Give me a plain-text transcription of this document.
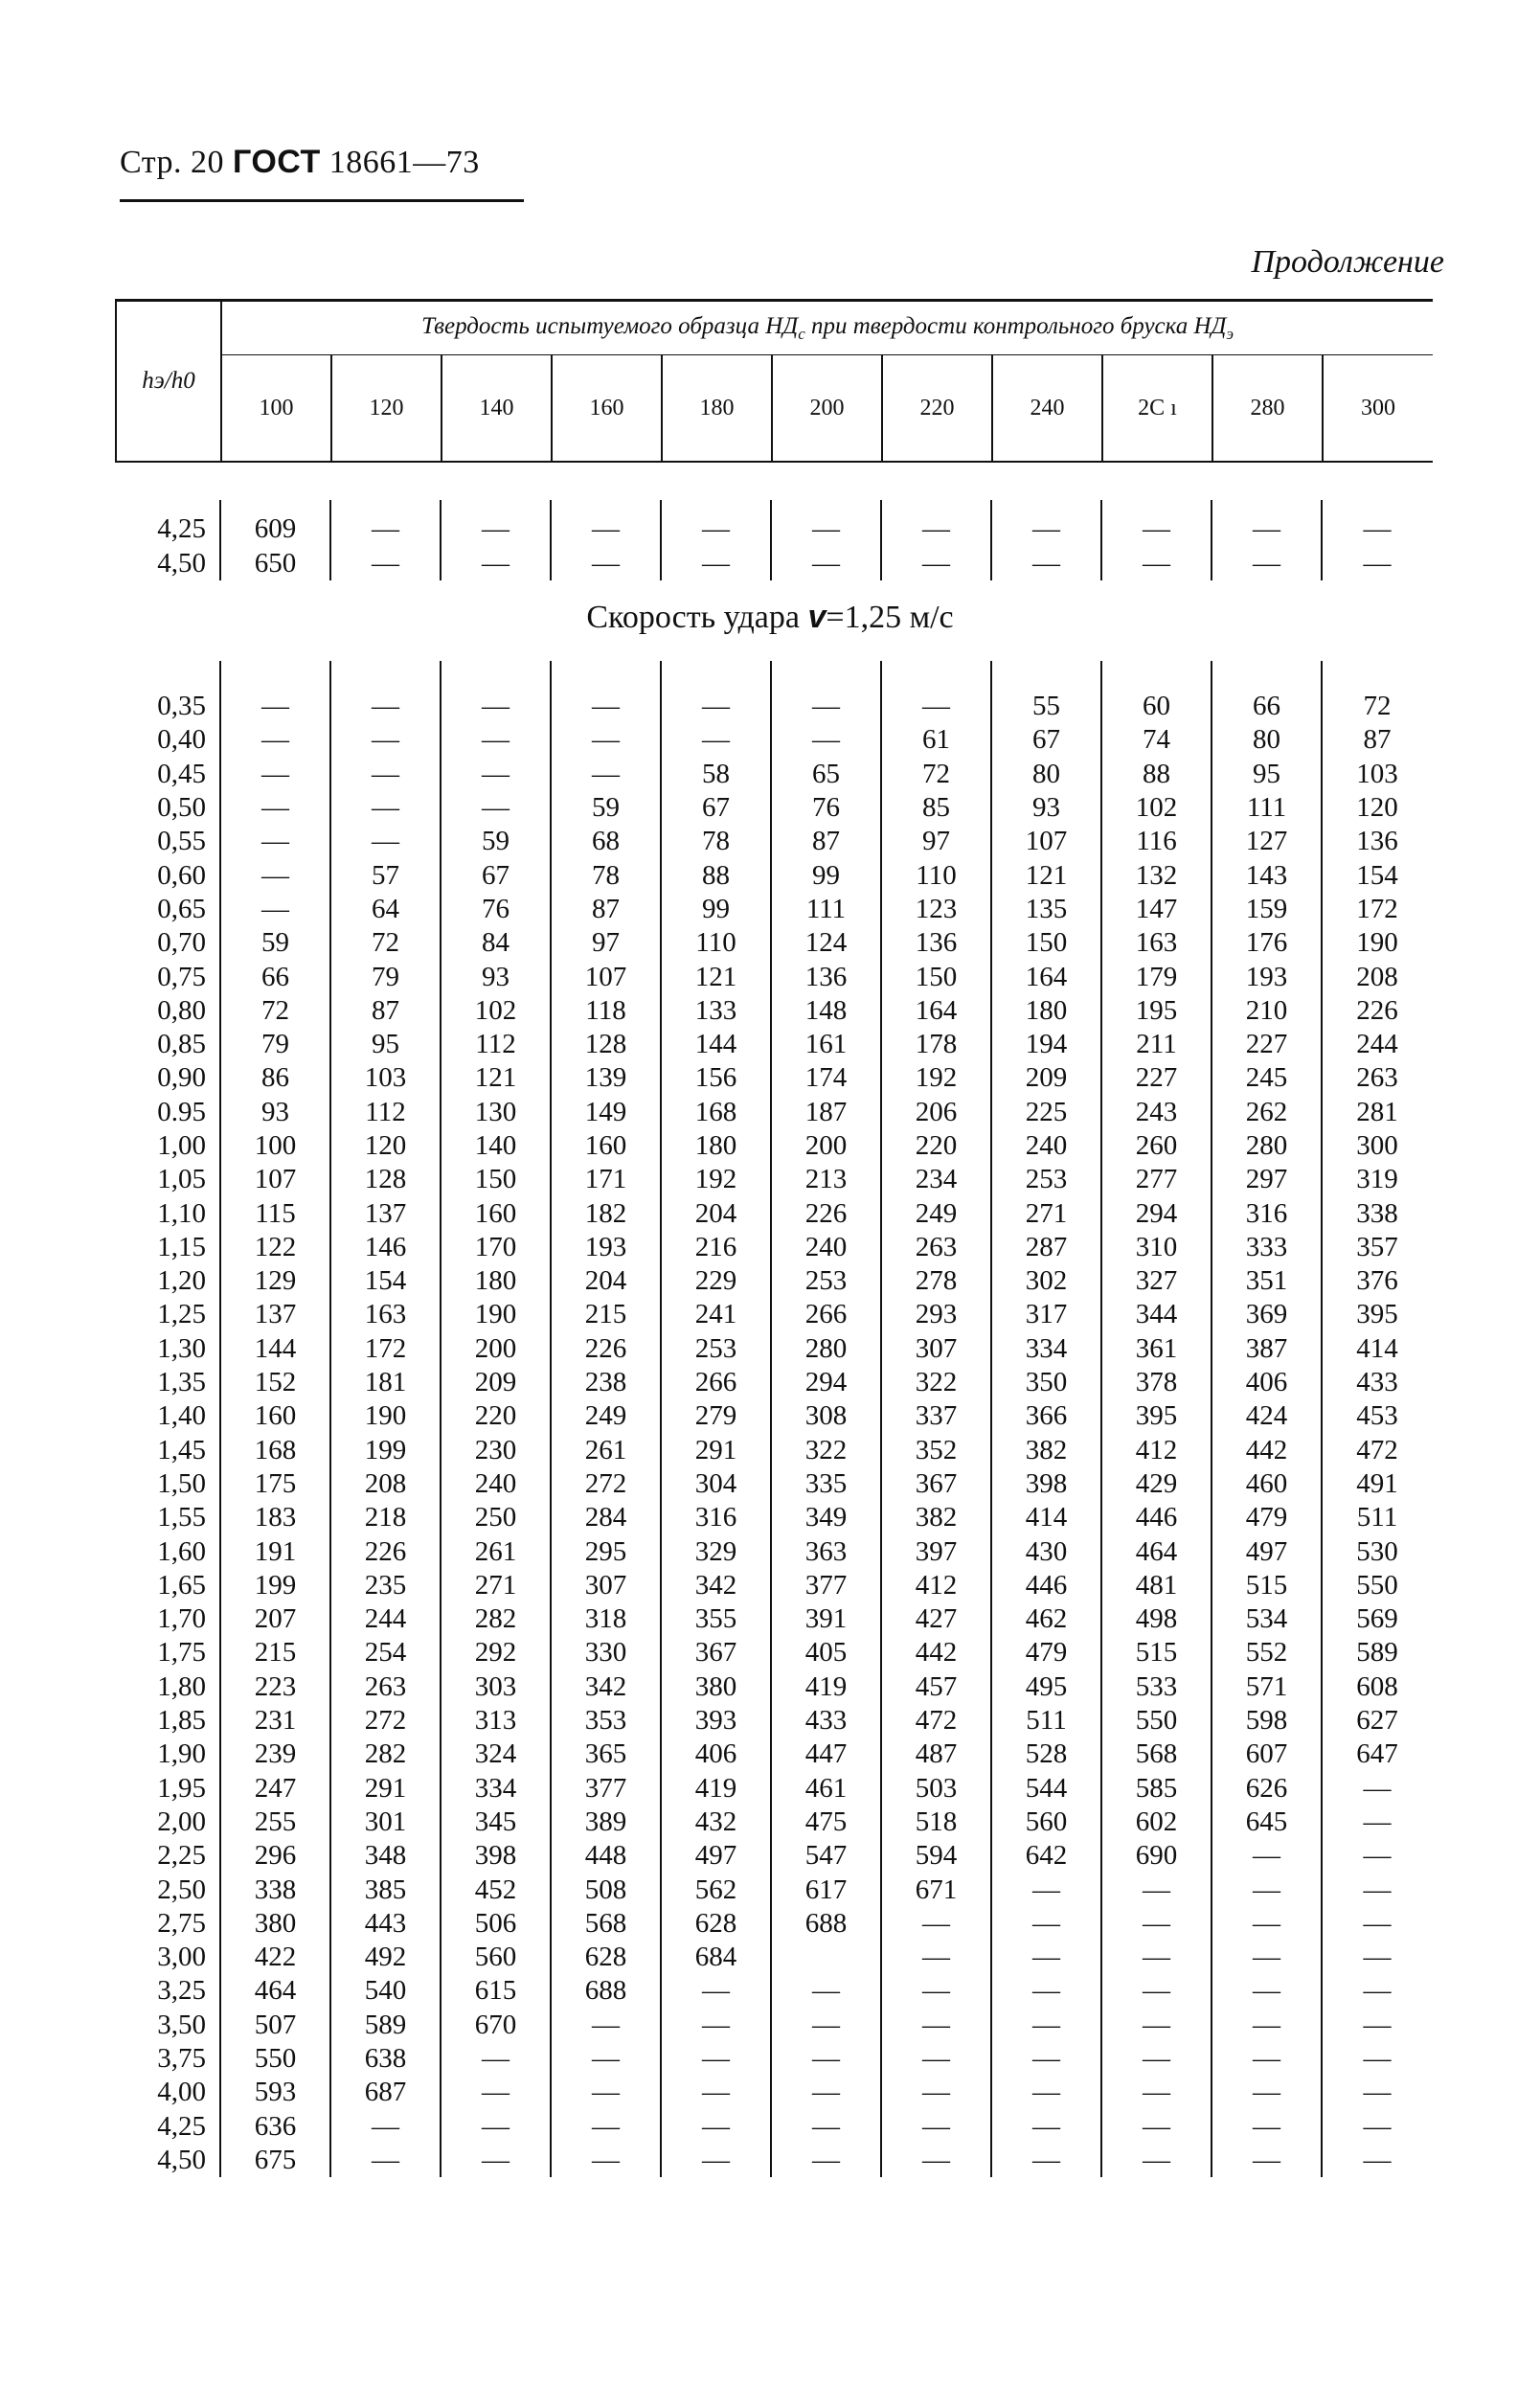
Стр. 20 ГОСТ 18661—73
Продолжение
hэ/h0	Твердость испытуемого образца $НД_с$ при твердости контрольного бруска $НД_э$
	100	120	140	160	180	200	220	240	2С ı	280	300
4,25	609	—	—	—	—	—	—	—	—	—	—
4,50	650	—	—	—	—	—	—	—	—	—	—
Скорость удара v=1,25 м/с
0,35	—	—	—	—	—	—	—	55	60	66	72
0,40	—	—	—	—	—	—	61	67	74	80	87
0,45	—	—	—	—	58	65	72	80	88	95	103
0,50	—	—	—	59	67	76	85	93	102	111	120
0,55	—	—	59	68	78	87	97	107	116	127	136
0,60	—	57	67	78	88	99	110	121	132	143	154
0,65	—	64	76	87	99	111	123	135	147	159	172
0,70	59	72	84	97	110	124	136	150	163	176	190
0,75	66	79	93	107	121	136	150	164	179	193	208
0,80	72	87	102	118	133	148	164	180	195	210	226
0,85	79	95	112	128	144	161	178	194	211	227	244
0,90	86	103	121	139	156	174	192	209	227	245	263
0.95	93	112	130	149	168	187	206	225	243	262	281
1,00	100	120	140	160	180	200	220	240	260	280	300
1,05	107	128	150	171	192	213	234	253	277	297	319
1,10	115	137	160	182	204	226	249	271	294	316	338
1,15	122	146	170	193	216	240	263	287	310	333	357
1,20	129	154	180	204	229	253	278	302	327	351	376
1,25	137	163	190	215	241	266	293	317	344	369	395
1,30	144	172	200	226	253	280	307	334	361	387	414
1,35	152	181	209	238	266	294	322	350	378	406	433
1,40	160	190	220	249	279	308	337	366	395	424	453
1,45	168	199	230	261	291	322	352	382	412	442	472
1,50	175	208	240	272	304	335	367	398	429	460	491
1,55	183	218	250	284	316	349	382	414	446	479	511
1,60	191	226	261	295	329	363	397	430	464	497	530
1,65	199	235	271	307	342	377	412	446	481	515	550
1,70	207	244	282	318	355	391	427	462	498	534	569
1,75	215	254	292	330	367	405	442	479	515	552	589
1,80	223	263	303	342	380	419	457	495	533	571	608
1,85	231	272	313	353	393	433	472	511	550	598	627
1,90	239	282	324	365	406	447	487	528	568	607	647
1,95	247	291	334	377	419	461	503	544	585	626	—
2,00	255	301	345	389	432	475	518	560	602	645	—
2,25	296	348	398	448	497	547	594	642	690	—	—
2,50	338	385	452	508	562	617	671	—	—	—	—
2,75	380	443	506	568	628	688	—	—	—	—	—
3,00	422	492	560	628	684		—	—	—	—	—
3,25	464	540	615	688	—	—	—	—	—	—	—
3,50	507	589	670	—	—	—	—	—	—	—	—
3,75	550	638	—	—	—	—	—	—	—	—	—
4,00	593	687	—	—	—	—	—	—	—	—	—
4,25	636	—	—	—	—	—	—	—	—	—	—
4,50	675	—	—	—	—	—	—	—	—	—	—
